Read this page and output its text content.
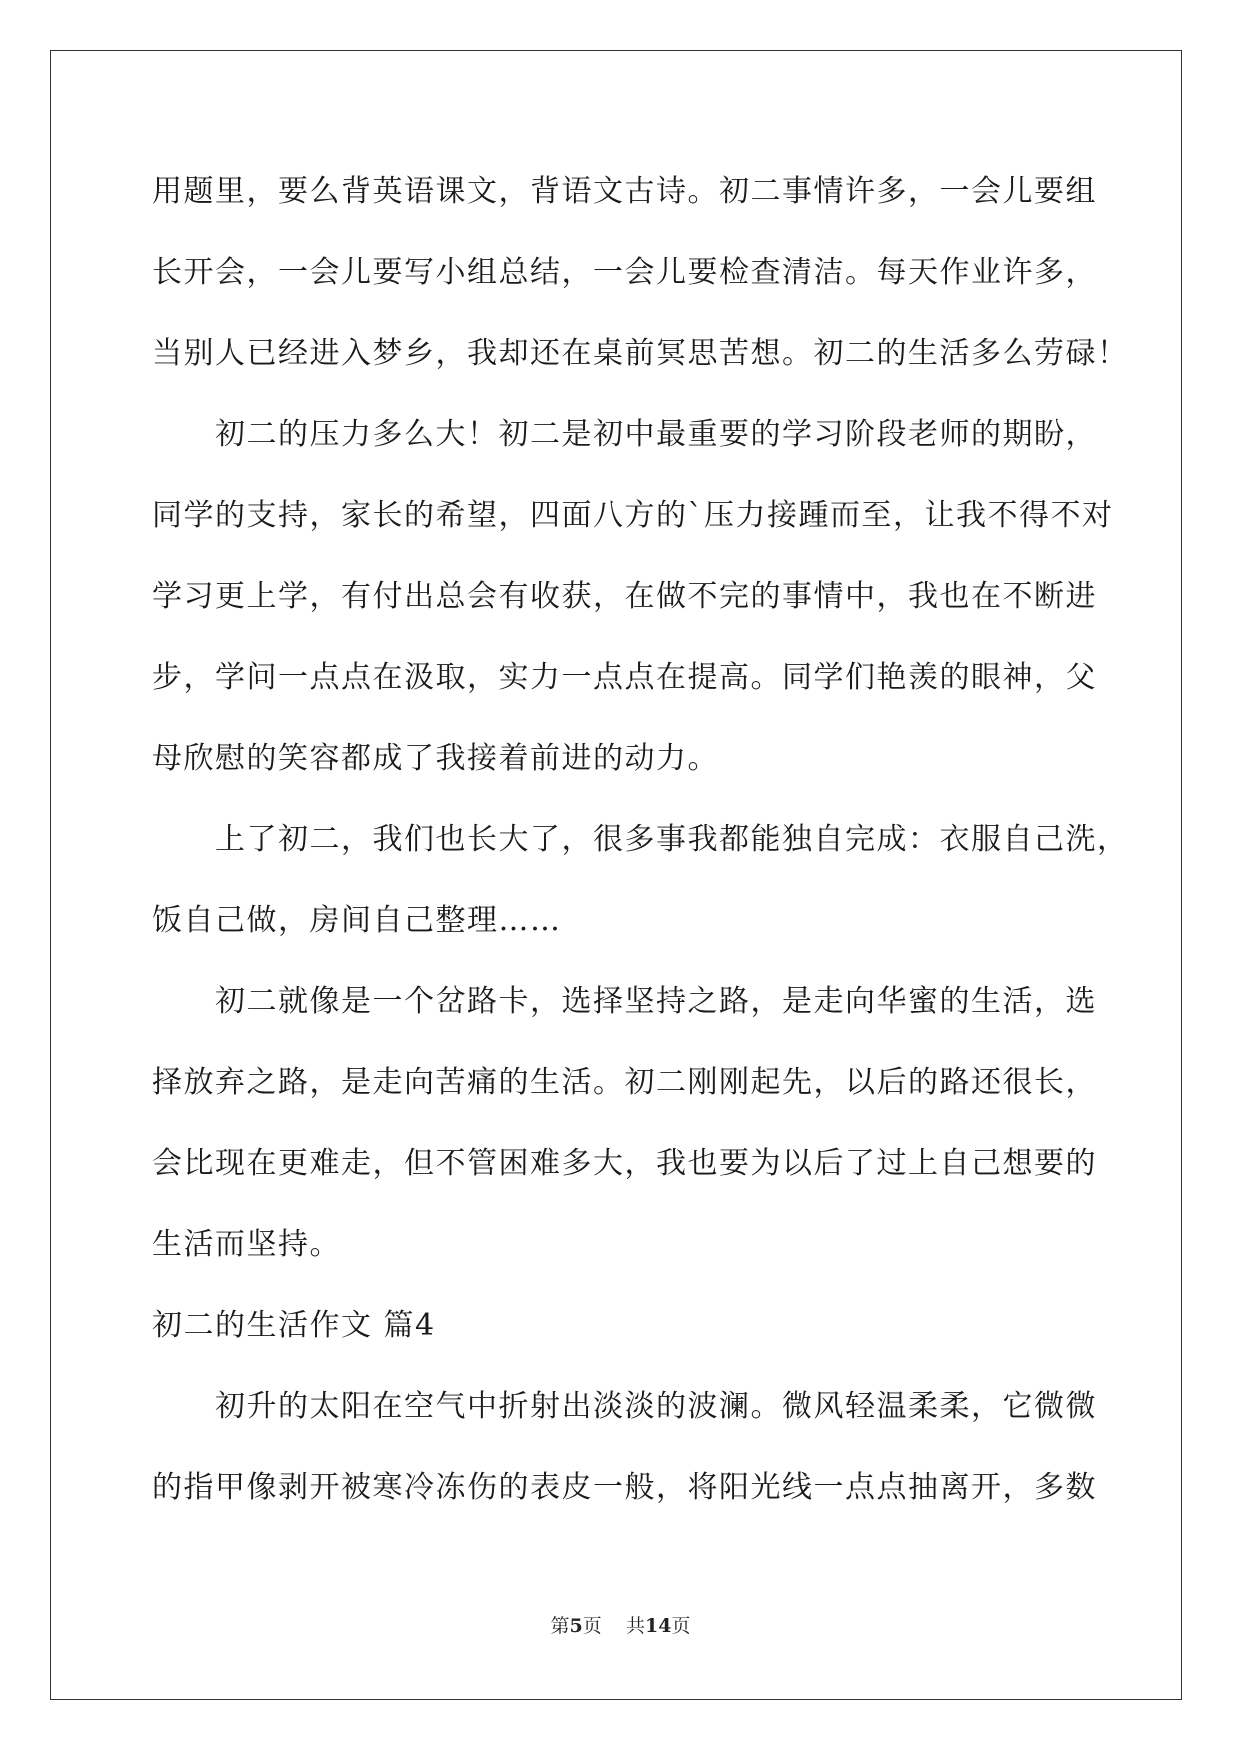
用题里，要么背英语课文，背语文古诗。初二事情许多，一会儿要组
长开会，一会儿要写小组总结，一会儿要检查清洁。每天作业许多，
当别人已经进入梦乡，我却还在桌前冥思苦想。初二的生活多么劳碌！
　　初二的压力多么大！初二是初中最重要的学习阶段老师的期盼，
同学的支持，家长的希望，四面八方的`压力接踵而至，让我不得不对
学习更上学，有付出总会有收获，在做不完的事情中，我也在不断进
步，学问一点点在汲取，实力一点点在提高。同学们艳羡的眼神，父
母欣慰的笑容都成了我接着前进的动力。
　　上了初二，我们也长大了，很多事我都能独自完成：衣服自己洗，
饭自己做，房间自己整理……
　　初二就像是一个岔路卡，选择坚持之路，是走向华蜜的生活，选
择放弃之路，是走向苦痛的生活。初二刚刚起先，以后的路还很长，
会比现在更难走，但不管困难多大，我也要为以后了过上自己想要的
生活而坚持。
初二的生活作文 篇4
　　初升的太阳在空气中折射出淡淡的波澜。微风轻温柔柔，它微微
的指甲像剥开被寒冷冻伤的表皮一般，将阳光线一点点抽离开，多数
第5页 共14页
